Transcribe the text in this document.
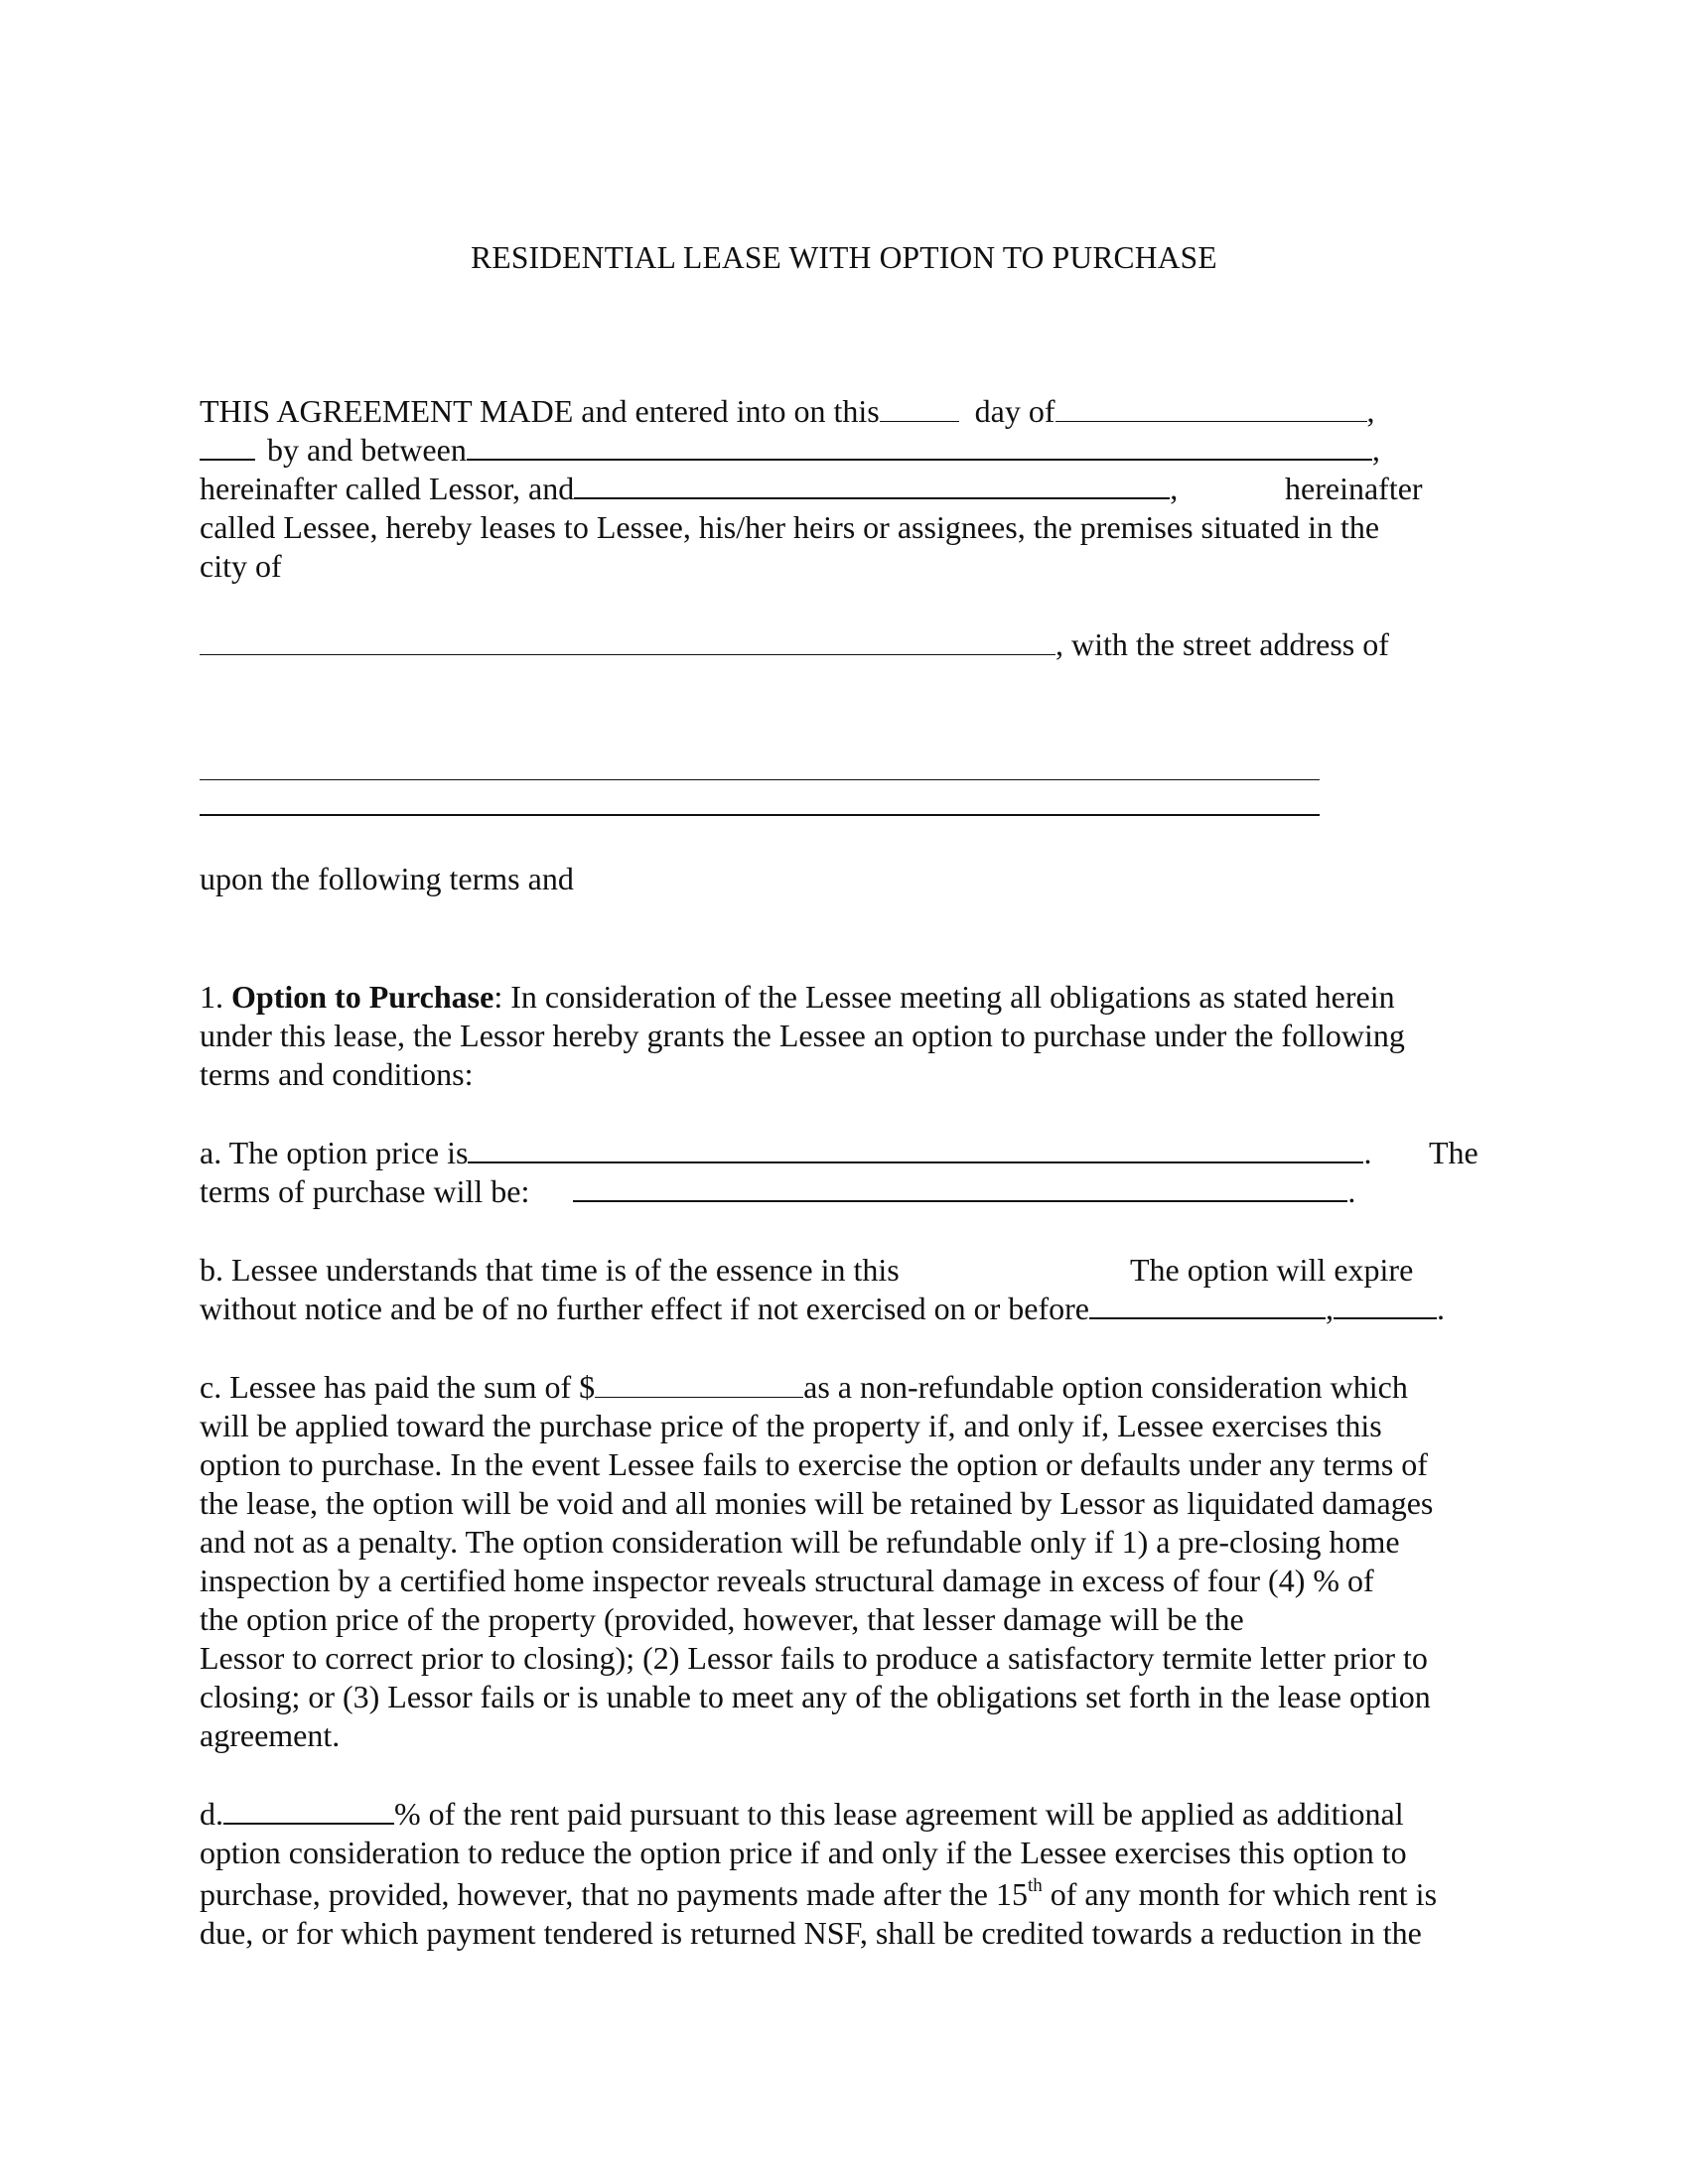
RESIDENTIAL LEASE WITH OPTION TO PURCHASE
THIS AGREEMENT MADE and entered into on this	day of	,
by and between	,
hereinafter called Lessor, and	,	hereinafter
called Lessee, hereby leases to Lessee, his/her heirs or assignees, the premises situated in the
city of
, with the street address of
upon the following terms and
1. Option to Purchase: In consideration of the Lessee meeting all obligations as stated herein
under this lease, the Lessor hereby grants the Lessee an option to purchase under the following
terms and conditions:
a. The option price is	. The
terms of purchase will be:	.
b. Lessee understands that time is of the essence in this	The option will expire
without notice and be of no further effect if not exercised on or before	,	.
c. Lessee has paid the sum of $	as a non-refundable option consideration which
will be applied toward the purchase price of the property if, and only if, Lessee exercises this
option to purchase. In the event Lessee fails to exercise the option or defaults under any terms of
the lease, the option will be void and all monies will be retained by Lessor as liquidated damages
and not as a penalty. The option consideration will be refundable only if 1) a pre-closing home
inspection by a certified home inspector reveals structural damage in excess of four (4) % of
the option price of the property (provided, however, that lesser damage will be the
Lessor to correct prior to closing); (2) Lessor fails to produce a satisfactory termite letter prior to
closing; or (3) Lessor fails or is unable to meet any of the obligations set forth in the lease option
agreement.
d.	% of the rent paid pursuant to this lease agreement will be applied as additional
option consideration to reduce the option price if and only if the Lessee exercises this option to
purchase, provided, however, that no payments made after the 15th of any month for which rent is
due, or for which payment tendered is returned NSF, shall be credited towards a reduction in the
